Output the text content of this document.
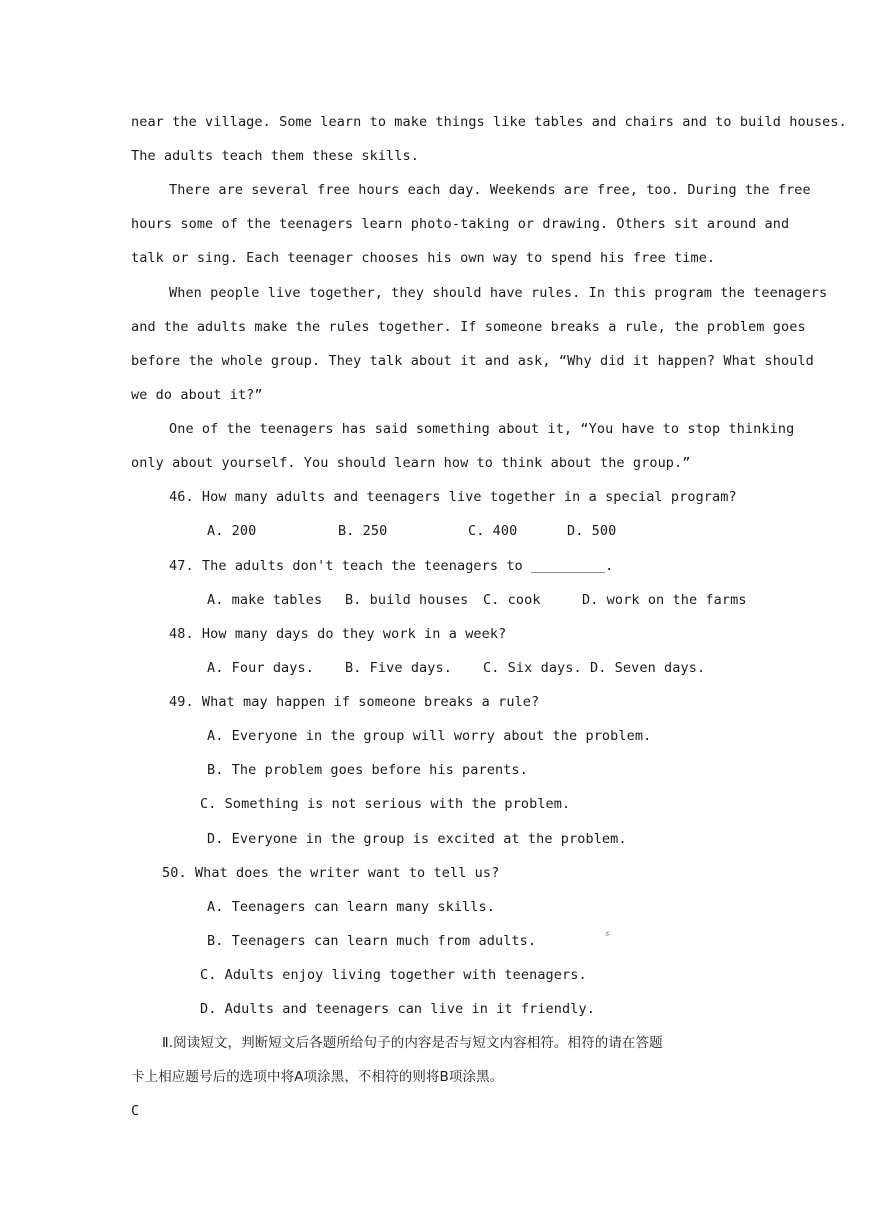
near the village. Some learn to make things like tables and chairs and to build houses.
The adults teach them these skills.
There are several free hours each day. Weekends are free, too. During the free
hours some of the teenagers learn photo-taking or drawing. Others sit around and
talk or sing. Each teenager chooses his own way to spend his free time.
When people live together, they should have rules. In this program the teenagers
and the adults make the rules together. If someone breaks a rule, the problem goes
before the whole group. They talk about it and ask, “Why did it happen? What should
we do about it?”
One of the teenagers has said something about it, “You have to stop thinking
only about yourself. You should learn how to think about the group.”
46. How many adults and teenagers live together in a special program?
A. 200	B. 250	C. 400	D. 500
47. The adults don't teach the teenagers to _________.
A. make tables B. build houses C. cook	D. work on the farms
48. How many days do they work in a week?
A. Four days. B. Five days. C. Six days. D. Seven days.
49. What may happen if someone breaks a rule?
A. Everyone in the group will worry about the problem.
B. The problem goes before his parents.
C. Something is not serious with the problem.
D. Everyone in the group is excited at the problem.
50. What does the writer want to tell us?
A. Teenagers can learn many skills.
B. Teenagers can learn much from adults.	〞
C. Adults enjoy living together with teenagers.
D. Adults and teenagers can live in it friendly.
Ⅱ.阅读短文，判断短文后各题所给句子的内容是否与短文内容相符。相符的请在答题
卡上相应题号后的选项中将A项涂黑，不相符的则将B项涂黑。
C
